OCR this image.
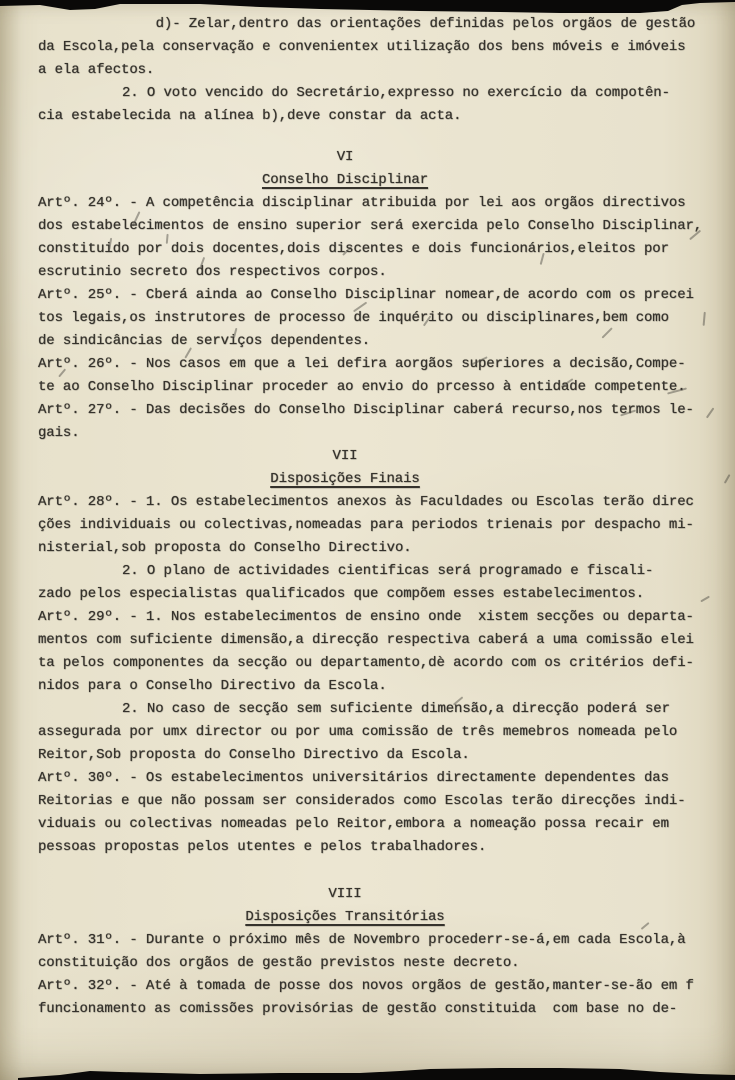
d)- Zelar,dentro das orientações definidas pelos orgãos de gestão
da Escola,pela conservação e convenientex utilização dos bens móveis e imóveis
a ela afectos.
2. O voto vencido do Secretário,expresso no exercício da compotên-
cia estabelecida na alínea b),deve constar da acta.
VI
Conselho Disciplinar
Artº. 24º. - A competência disciplinar atribuida por lei aos orgãos directivos
dos estabelecimentos de ensino superior será exercida pelo Conselho Disciplinar,
constituido por dois docentes,dois discentes e dois funcionários,eleitos por
escrutinio secreto dos respectivos corpos.
Artº. 25º. - Cberá ainda ao Conselho Disciplinar nomear,de acordo com os precei
tos legais,os instrutores de processo de inquérito ou disciplinares,bem como
de sindicâncias de serviços dependentes.
Artº. 26º. - Nos casos em que a lei defira aorgãos superiores a decisão,Compe-
te ao Conselho Disciplinar proceder ao envio do prcesso à entidade competente.
Artº. 27º. - Das decisões do Conselho Disciplinar caberá recurso,nos termos le-
gais.
VII
Disposições Finais
Artº. 28º. - 1. Os estabelecimentos anexos às Faculdades ou Escolas terão direc
ções individuais ou colectivas,nomeadas para periodos trienais por despacho mi-
nisterial,sob proposta do Conselho Directivo.
2. O plano de actividades cientificas será programado e fiscali-
zado pelos especialistas qualificados que compõem esses estabelecimentos.
Artº. 29º. - 1. Nos estabelecimentos de ensino onde  xistem secções ou departa-
mentos com suficiente dimensão,a direcção respectiva caberá a uma comissão elei
ta pelos componentes da secção ou departamento,dè acordo com os critérios defi-
nidos para o Conselho Directivo da Escola.
2. No caso de secção sem suficiente dimensão,a direcção poderá ser
assegurada por umx director ou por uma comissão de três memebros nomeada pelo
Reitor,Sob proposta do Conselho Directivo da Escola.
Artº. 30º. - Os estabelecimentos universitários directamente dependentes das
Reitorias e que não possam ser considerados como Escolas terão direcções indi-
viduais ou colectivas nomeadas pelo Reitor,embora a nomeação possa recair em
pessoas propostas pelos utentes e pelos trabalhadores.
VIII
Disposições Transitórias
Artº. 31º. - Durante o próximo mês de Novembro procederr-se-á,em cada Escola,à
constituição dos orgãos de gestão previstos neste decreto.
Artº. 32º. - Até à tomada de posse dos novos orgãos de gestão,manter-se-ão em f
funcionamento as comissões provisórias de gestão constituida  com base no de-
